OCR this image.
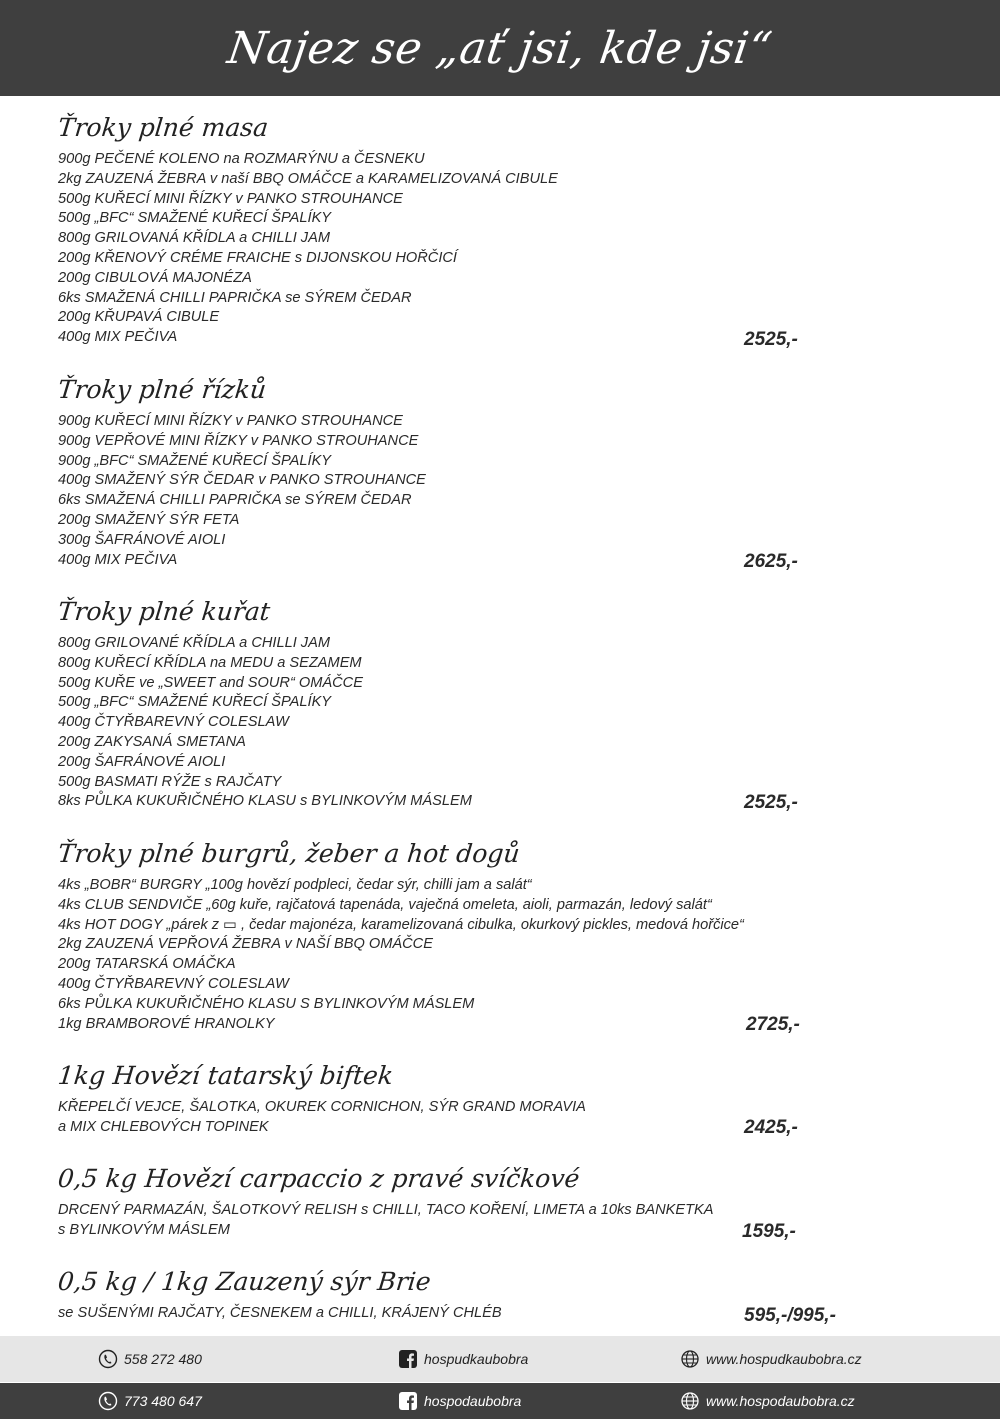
Najez se „ať jsi, kde jsi“
Ťroky plné masa
900g PEČENÉ KOLENO na ROZMARÝNU a ČESNEKU
2kg ZAUZENÁ ŽEBRA v naší BBQ OMÁČCE a KARAMELIZOVANÁ CIBULE
500g KUŘECÍ MINI ŘÍZKY v PANKO STROUHANCE
500g „BFC“ SMAŽENÉ KUŘECÍ ŠPALÍKY
800g GRILOVANÁ KŘÍDLA a CHILLI JAM
200g KŘENOVÝ CRÉME FRAICHE s DIJONSKOU HOŘČICÍ
200g CIBULOVÁ MAJONÉZA
6ks SMAŽENÁ CHILLI PAPRIČKA se SÝREM ČEDAR
200g KŘUPAVÁ CIBULE
400g MIX PEČIVA	2525,-
Ťroky plné řízků
900g KUŘECÍ MINI ŘÍZKY v PANKO STROUHANCE
900g VEPŘOVÉ MINI ŘÍZKY v PANKO STROUHANCE
900g „BFC“ SMAŽENÉ KUŘECÍ ŠPALÍKY
400g SMAŽENÝ SÝR ČEDAR v PANKO STROUHANCE
6ks SMAŽENÁ CHILLI PAPRIČKA se SÝREM ČEDAR
200g SMAŽENÝ SÝR FETA
300g ŠAFRÁNOVÉ AIOLI
400g MIX PEČIVA	2625,-
Ťroky plné kuřat
800g GRILOVANÉ KŘÍDLA a CHILLI JAM
800g KUŘECÍ KŘÍDLA na MEDU a SEZAMEM
500g KUŘE ve „SWEET and SOUR“ OMÁČCE
500g „BFC“ SMAŽENÉ KUŘECÍ ŠPALÍKY
400g ČTYŘBAREVNÝ COLESLAW
200g ZAKYSANÁ SMETANA
200g ŠAFRÁNOVÉ AIOLI
500g BASMATI RÝŽE s RAJČATY
8ks PŮLKA KUKUŘIČNÉHO KLASU s BYLINKOVÝM MÁSLEM	2525,-
Ťroky plné burgrů, žeber a hot dogů
4ks „BOBR“ BURGRY „100g hovězí podpleci, čedar sýr, chilli jam a salát“
4ks CLUB SENDVIČE „60g kuře, rajčatová tapenáda, vaječná omeleta, aioli, parmazán, ledový salát“
4ks HOT DOGY „párek z ▭ , čedar majonéza, karamelizovaná cibulka, okurkový pickles, medová hořčice“
2kg ZAUZENÁ VEPŘOVÁ ŽEBRA v NAŠÍ BBQ OMÁČCE
200g TATARSKÁ OMÁČKA
400g ČTYŘBAREVNÝ COLESLAW
6ks PŮLKA KUKUŘIČNÉHO KLASU S BYLINKOVÝM MÁSLEM
1kg BRAMBOROVÉ HRANOLKY	2725,-
1kg Hovězí tatarský biftek
KŘEPELČÍ VEJCE, ŠALOTKA, OKUREK CORNICHON, SÝR GRAND MORAVIA
a MIX CHLEBOVÝCH TOPINEK	2425,-
0,5 kg Hovězí carpaccio z pravé svíčkové
DRCENÝ PARMAZÁN, ŠALOTKOVÝ RELISH s CHILLI, TACO KOŘENÍ, LIMETA a 10ks BANKETKA
s BYLINKOVÝM MÁSLEM	1595,-
0,5 kg / 1kg Zauzený sýr Brie
se SUŠENÝMI RAJČATY, ČESNEKEM a CHILLI, KRÁJENÝ CHLÉB	595,-/995,-
558 272 480	hospudkaubobra	www.hospudkaubobra.cz
773 480 647	hospodaubobra	www.hospodaubobra.cz
